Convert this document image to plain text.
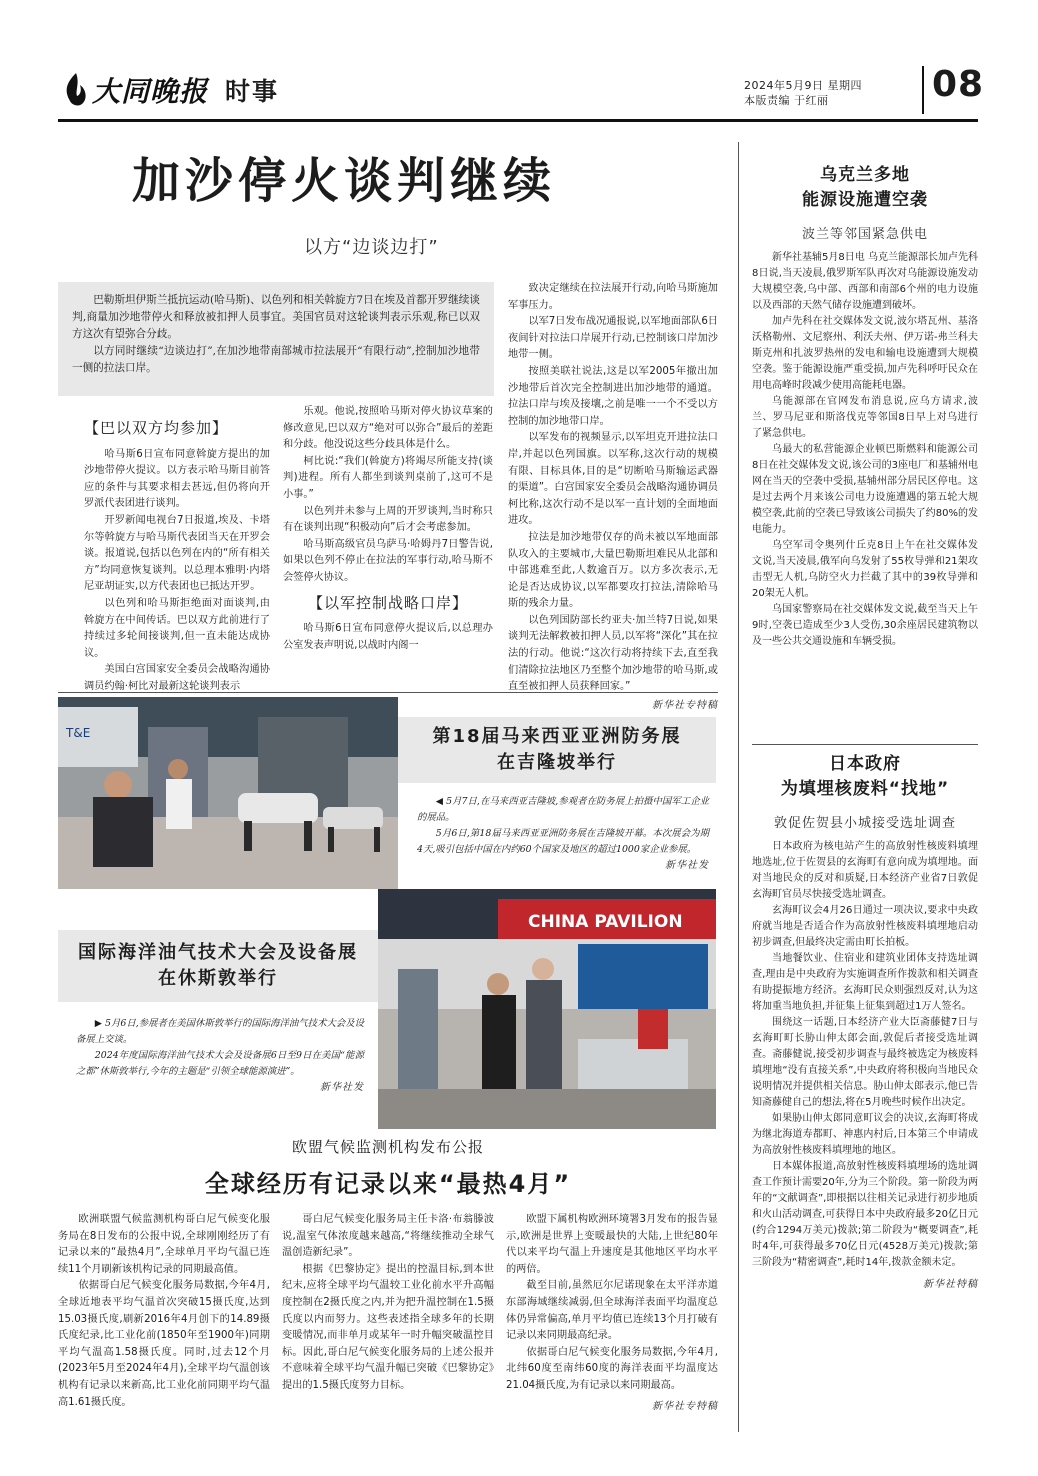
大同晚报 时事	2024年5月9日 星期四
本版责编 于红丽	08
加沙停火谈判继续
以方“边谈边打”

巴勒斯坦伊斯兰抵抗运动(哈马斯)、以色列和相关斡旋方7日在埃及首都开罗继续谈判,商量加沙地带停火和释放被扣押人员事宜。美国官员对这轮谈判表示乐观,称已以双方这次有望弥合分歧。

以方同时继续“边谈边打”,在加沙地带南部城市拉法展开“有限行动”,控制加沙地带一侧的拉法口岸。

【巴以双方均参加】

哈马斯6日宣布同意斡旋方提出的加沙地带停火提议。以方表示哈马斯目前答应的条件与其要求相去甚远,但仍将向开罗派代表团进行谈判。

开罗新闻电视台7日报道,埃及、卡塔尔等斡旋方与哈马斯代表团当天在开罗会谈。报道说,包括以色列在内的“所有相关方”均同意恢复谈判。以总理本雅明·内塔尼亚胡证实,以方代表团也已抵达开罗。

以色列和哈马斯拒绝面对面谈判,由斡旋方在中间传话。巴以双方此前进行了持续过多轮间接谈判,但一直未能达成协议。

美国白宫国家安全委员会战略沟通协调员约翰·柯比对最新这轮谈判表示

乐观。他说,按照哈马斯对停火协议草案的修改意见,巴以双方“绝对可以弥合”最后的差距和分歧。他没说这些分歧具体是什么。

柯比说:“我们(斡旋方)将竭尽所能支持(谈判)进程。所有人都坐到谈判桌前了,这可不是小事。”

以色列并未参与上周的开罗谈判,当时称只有在谈判出现“积极动向”后才会考虑参加。

哈马斯高级官员乌萨马·哈姆丹7日警告说,如果以色列不停止在拉法的军事行动,哈马斯不会签停火协议。

【以军控制战略口岸】

哈马斯6日宣布同意停火提议后,以总理办公室发表声明说,以战时内阁一

致决定继续在拉法展开行动,向哈马斯施加军事压力。

以军7日发布战况通报说,以军地面部队6日夜间针对拉法口岸展开行动,已控制该口岸加沙地带一侧。

按照美联社说法,这是以军2005年撤出加沙地带后首次完全控制进出加沙地带的通道。拉法口岸与埃及接壤,之前是唯一一个不受以方控制的加沙地带口岸。

以军发布的视频显示,以军坦克开进拉法口岸,并起以色列国旗。以军称,这次行动的规模有限、目标具体,目的是“切断哈马斯输运武器的渠道”。白宫国家安全委员会战略沟通协调员柯比称,这次行动不是以军一直计划的全面地面进攻。

拉法是加沙地带仅存的尚未被以军地面部队攻入的主要城市,大量巴勒斯坦难民从北部和中部逃难至此,人数逾百万。以方多次表示,无论是否达成协议,以军都要攻打拉法,清除哈马斯的残余力量。

以色列国防部长约亚夫·加兰特7日说,如果谈判无法解救被扣押人员,以军将“深化”其在拉法的行动。他说:“这次行动将持续下去,直至我们清除拉法地区乃至整个加沙地带的哈马斯,或直至被扣押人员获释回家。”

新华社专特稿
T&E	第18届马来西亚亚洲防务展
在吉隆坡举行

◀ 5月7日,在马来西亚吉隆坡,参观者在防务展上拍摄中国军工企业的展品。

5月6日,第18届马来西亚亚洲防务展在吉隆坡开幕。本次展会为期4天,吸引包括中国在内约60个国家及地区的超过1000家企业参展。

新华社发
CHINA PAVILION
国际海洋油气技术大会及设备展
在休斯敦举行

▶ 5月6日,参展者在美国休斯敦举行的国际海洋油气技术大会及设备展上交谈。

2024年度国际海洋油气技术大会及设备展6日至9日在美国“能源之都”休斯敦举行,今年的主题是“引领全球能源演进”。

新华社发
欧盟气候监测机构发布公报
全球经历有记录以来“最热4月”

欧洲联盟气候监测机构哥白尼气候变化服务局在8日发布的公报中说,全球刚刚经历了有记录以来的“最热4月”,全球单月平均气温已连续11个月刷新该机构记录的同期最高值。

依据哥白尼气候变化服务局数据,今年4月,全球近地表平均气温首次突破15摄氏度,达到15.03摄氏度,刷新2016年4月创下的14.89摄氏度纪录,比工业化前(1850年至1900年)同期平均气温高1.58摄氏度。同时,过去12个月(2023年5月至2024年4月),全球平均气温创该机构有记录以来新高,比工业化前同期平均气温高1.61摄氏度。

哥白尼气候变化服务局主任卡洛·布翁滕波说,温室气体浓度越来越高,“将继续推动全球气温创造新纪录”。

根据《巴黎协定》提出的控温目标,到本世纪末,应将全球平均气温较工业化前水平升高幅度控制在2摄氏度之内,并为把升温控制在1.5摄氏度以内而努力。这些表述指全球多年的长期变暖情况,而非单月或某年一时升幅突破温控目标。因此,哥白尼气候变化服务局的上述公报并不意味着全球平均气温升幅已突破《巴黎协定》提出的1.5摄氏度努力目标。

欧盟下属机构欧洲环境署3月发布的报告显示,欧洲是世界上变暖最快的大陆,上世纪80年代以来平均气温上升速度是其他地区平均水平的两倍。

截至目前,虽然厄尔尼诺现象在太平洋赤道东部海域继续减弱,但全球海洋表面平均温度总体仍异常偏高,单月平均值已连续13个月打破有记录以来同期最高纪录。

依据哥白尼气候变化服务局数据,今年4月,北纬60度至南纬60度的海洋表面平均温度达21.04摄氏度,为有记录以来同期最高。

新华社专特稿
乌克兰多地
能源设施遭空袭
波兰等邻国紧急供电

新华社基辅5月8日电 乌克兰能源部长加卢先科8日说,当天凌晨,俄罗斯军队再次对乌能源设施发动大规模空袭,乌中部、西部和南部6个州的电力设施以及西部的天然气储存设施遭到破坏。

加卢先科在社交媒体发文说,波尔塔瓦州、基洛沃格勒州、文尼察州、利沃夫州、伊万诺-弗兰科夫斯克州和扎波罗热州的发电和输电设施遭到大规模空袭。鉴于能源设施严重受损,加卢先科呼吁民众在用电高峰时段减少使用高能耗电器。

乌能源部在官网发布消息说,应乌方请求,波兰、罗马尼亚和斯洛伐克等邻国8日早上对乌进行了紧急供电。

乌最大的私营能源企业顿巴斯燃料和能源公司8日在社交媒体发文说,该公司的3座电厂和基辅州电网在当天的空袭中受损,基辅州部分居民区停电。这是过去两个月来该公司电力设施遭遇的第五轮大规模空袭,此前的空袭已导致该公司损失了约80%的发电能力。

乌空军司令奥列什丘克8日上午在社交媒体发文说,当天凌晨,俄军向乌发射了55枚导弹和21架攻击型无人机,乌防空火力拦截了其中的39枚导弹和20架无人机。

乌国家警察局在社交媒体发文说,截至当天上午9时,空袭已造成至少3人受伤,30余座居民建筑物以及一些公共交通设施和车辆受损。

日本政府
为填埋核废料“找地”
敦促佐贺县小城接受选址调查

日本政府为核电站产生的高放射性核废料填埋地选址,位于佐贺县的玄海町有意向成为填埋地。面对当地民众的反对和质疑,日本经济产业省7日敦促玄海町官员尽快接受选址调查。

玄海町议会4月26日通过一项决议,要求中央政府就当地是否适合作为高放射性核废料填埋地启动初步调查,但最终决定需由町长拍板。

当地餐饮业、住宿业和建筑业团体支持选址调查,理由是中央政府为实施调查所作拨款和相关调查有助提振地方经济。玄海町民众则强烈反对,认为这将加重当地负担,并征集上征集到超过1万人签名。

围绕这一话题,日本经济产业大臣斋藤健7日与玄海町町长胁山伸太郎会面,敦促后者接受选址调查。斋藤健说,接受初步调查与最终被选定为核废料填埋地“没有直接关系”,中央政府将积极向当地民众说明情况并提供相关信息。胁山伸太郎表示,他已告知斋藤健自己的想法,将在5月晚些时候作出决定。

如果胁山伸太郎同意町议会的决议,玄海町将成为继北海道寿都町、神惠内村后,日本第三个申请成为高放射性核废料填埋地的地区。

日本媒体报道,高放射性核废料填埋场的选址调查工作预计需要20年,分为三个阶段。第一阶段为两年的“文献调查”,即根据以往相关记录进行初步地质和火山活动调查,可获得日本中央政府最多20亿日元(约合1294万美元)拨款;第二阶段为“概要调查”,耗时4年,可获得最多70亿日元(4528万美元)拨款;第三阶段为“精密调查”,耗时14年,拨款金额未定。

新华社特稿
